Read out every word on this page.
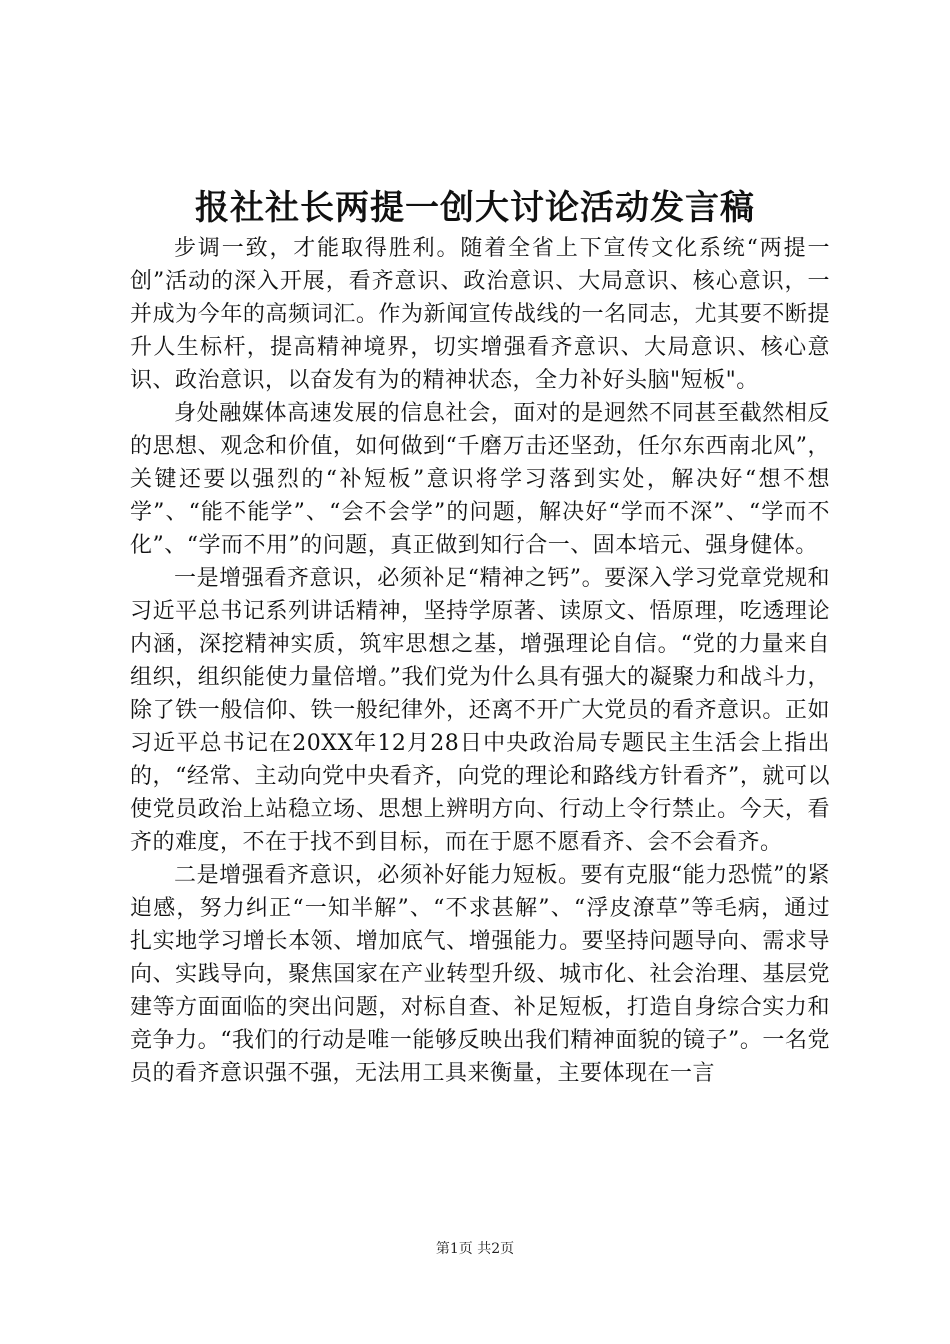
报社社长两提一创大讨论活动发言稿

步调一致，才能取得胜利。随着全省上下宣传文化系统“两提一创”活动的深入开展，看齐意识、政治意识、大局意识、核心意识，一并成为今年的高频词汇。作为新闻宣传战线的一名同志，尤其要不断提升人生标杆，提高精神境界，切实增强看齐意识、大局意识、核心意识、政治意识，以奋发有为的精神状态，全力补好头脑"短板"。

身处融媒体高速发展的信息社会，面对的是迥然不同甚至截然相反的思想、观念和价值，如何做到“千磨万击还坚劲，任尔东西南北风”，关键还要以强烈的“补短板”意识将学习落到实处，解决好“想不想学”、“能不能学”、“会不会学”的问题，解决好“学而不深”、“学而不化”、“学而不用”的问题，真正做到知行合一、固本培元、强身健体。

一是增强看齐意识，必须补足“精神之钙”。要深入学习党章党规和习近平总书记系列讲话精神，坚持学原著、读原文、悟原理，吃透理论内涵，深挖精神实质，筑牢思想之基，增强理论自信。“党的力量来自组织，组织能使力量倍增。”我们党为什么具有强大的凝聚力和战斗力，除了铁一般信仰、铁一般纪律外，还离不开广大党员的看齐意识。正如习近平总书记在20XX年12月28日中央政治局专题民主生活会上指出的，“经常、主动向党中央看齐，向党的理论和路线方针看齐”，就可以使党员政治上站稳立场、思想上辨明方向、行动上令行禁止。今天，看齐的难度，不在于找不到目标，而在于愿不愿看齐、会不会看齐。

二是增强看齐意识，必须补好能力短板。要有克服“能力恐慌”的紧迫感，努力纠正“一知半解”、“不求甚解”、“浮皮潦草”等毛病，通过扎实地学习增长本领、增加底气、增强能力。要坚持问题导向、需求导向、实践导向，聚焦国家在产业转型升级、城市化、社会治理、基层党建等方面面临的突出问题，对标自查、补足短板，打造自身综合实力和竞争力。“我们的行动是唯一能够反映出我们精神面貌的镜子”。一名党员的看齐意识强不强，无法用工具来衡量，主要体现在一言

第1页 共2页
